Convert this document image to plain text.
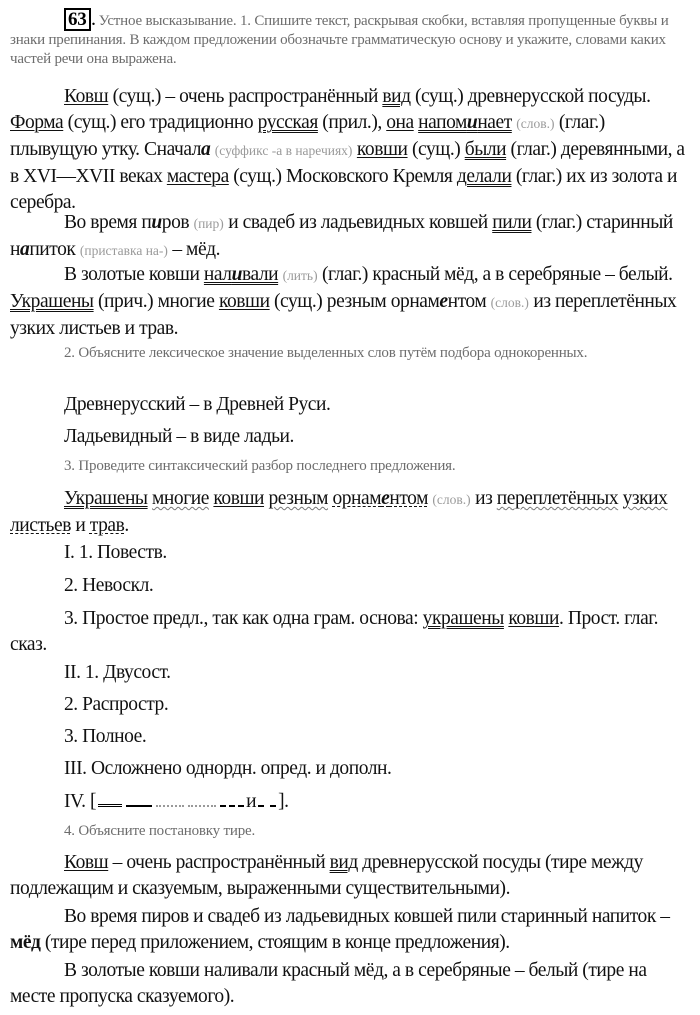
63 . Устное высказывание. 1. Спишите текст, раскрывая скобки, вставляя пропущенные буквы и знаки препинания. В каждом предложении обозначьте грамматическую основу и укажите, словами каких частей речи она выражена.

Ковш (сущ.) – очень распространённый вид (сущ.) древнерусской посуды. Форма (сущ.) его традиционно русская (прил.), она напоминает (слов.) (глаг.) плывущую утку. Сначала (суффикс -а в наречиях) ковши (сущ.) были (глаг.) деревянными, а в XVI—XVII веках мастера (сущ.) Московского Кремля делали (глаг.) их из золота и серебра.

Во время пиров (пир) и свадеб из ладьевидных ковшей пили (глаг.) старинный напиток (приставка на-) – мёд.

В золотые ковши наливали (лить) (глаг.) красный мёд, а в серебряные – белый. Украшены (прич.) многие ковши (сущ.) резным орнаментом (слов.) из переплетённых узких листьев и трав.

2. Объясните лексическое значение выделенных слов путём подбора однокоренных.

Древнерусский – в Древней Руси.

Ладьевидный – в виде ладьи.

3. Проведите синтаксический разбор последнего предложения.

Украшены многие ковши резным орнаментом (слов.) из переплетённых узких листьев и трав.

I. 1. Повеств.

2. Невоскл.

3. Простое предл., так как одна грам. основа: украшены ковши. Прост. глаг. сказ.

II. 1. Двусост.

2. Распростр.

3. Полное.

III. Осложнено однордн. опред. и дополн.

IV. [	и ].

4. Объясните постановку тире.

Ковш – очень распространённый вид древнерусской посуды (тире между подлежащим и сказуемым, выраженными существительными).

Во время пиров и свадеб из ладьевидных ковшей пили старинный напиток – мёд (тире перед приложением, стоящим в конце предложения).

В золотые ковши наливали красный мёд, а в серебряные – белый (тире на месте пропуска сказуемого).
